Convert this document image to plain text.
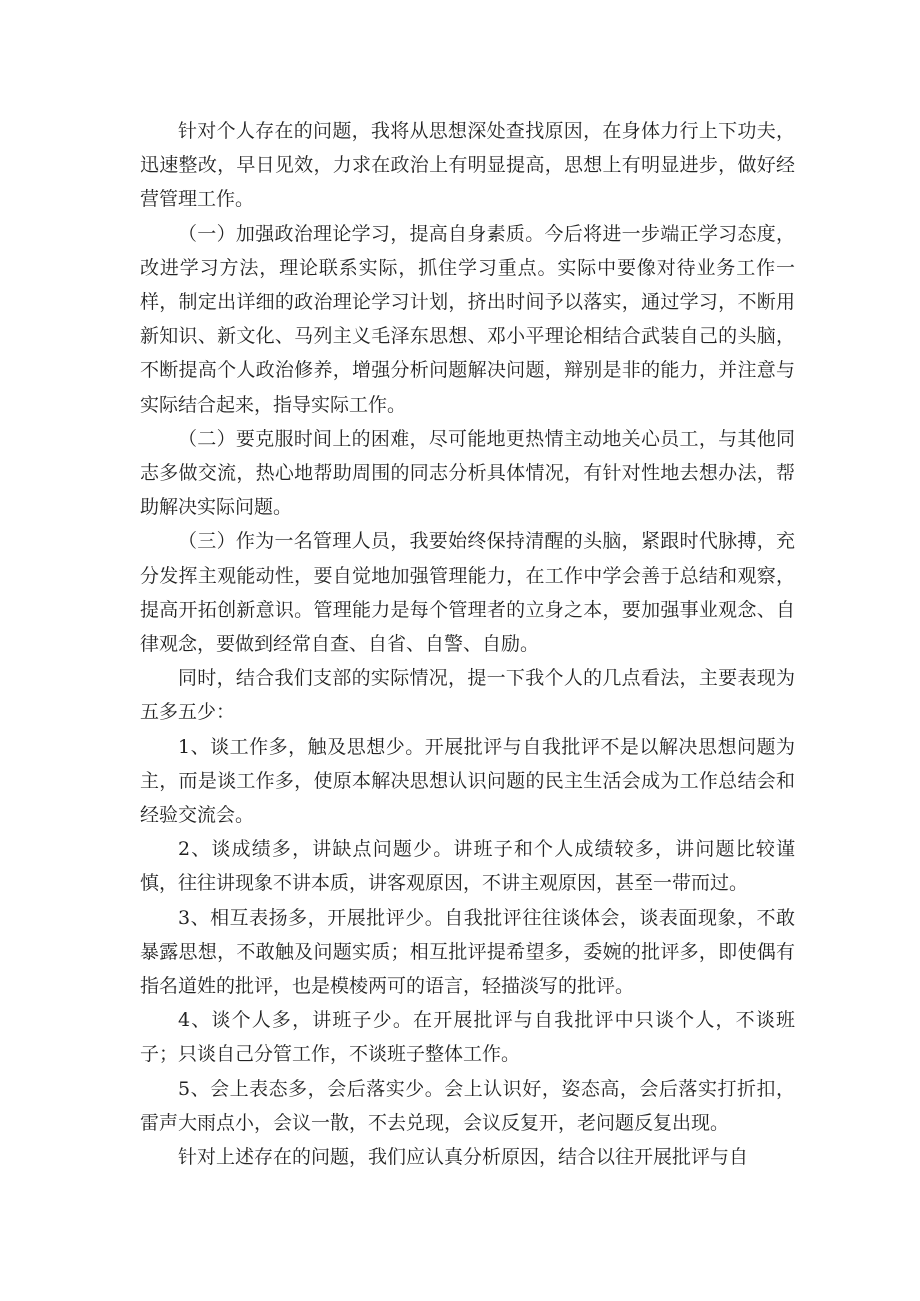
针对个人存在的问题，我将从思想深处查找原因，在身体力行上下功夫，迅速整改，早日见效，力求在政治上有明显提高，思想上有明显进步，做好经营管理工作。

（一）加强政治理论学习，提高自身素质。今后将进一步端正学习态度，改进学习方法，理论联系实际，抓住学习重点。实际中要像对待业务工作一样，制定出详细的政治理论学习计划，挤出时间予以落实，通过学习，不断用新知识、新文化、马列主义毛泽东思想、邓小平理论相结合武装自己的头脑，不断提高个人政治修养，增强分析问题解决问题，辩别是非的能力，并注意与实际结合起来，指导实际工作。

（二）要克服时间上的困难，尽可能地更热情主动地关心员工，与其他同志多做交流，热心地帮助周围的同志分析具体情况，有针对性地去想办法，帮助解决实际问题。

（三）作为一名管理人员，我要始终保持清醒的头脑，紧跟时代脉搏，充分发挥主观能动性，要自觉地加强管理能力，在工作中学会善于总结和观察，提高开拓创新意识。管理能力是每个管理者的立身之本，要加强事业观念、自律观念，要做到经常自查、自省、自警、自励。

同时，结合我们支部的实际情况，提一下我个人的几点看法，主要表现为五多五少：

1、谈工作多，触及思想少。开展批评与自我批评不是以解决思想问题为主，而是谈工作多，使原本解决思想认识问题的民主生活会成为工作总结会和经验交流会。

2、谈成绩多，讲缺点问题少。讲班子和个人成绩较多，讲问题比较谨慎，往往讲现象不讲本质，讲客观原因，不讲主观原因，甚至一带而过。

3、相互表扬多，开展批评少。自我批评往往谈体会，谈表面现象，不敢暴露思想，不敢触及问题实质；相互批评提希望多，委婉的批评多，即使偶有指名道姓的批评，也是模棱两可的语言，轻描淡写的批评。

4、谈个人多，讲班子少。在开展批评与自我批评中只谈个人，不谈班子；只谈自己分管工作，不谈班子整体工作。

5、会上表态多，会后落实少。会上认识好，姿态高，会后落实打折扣，雷声大雨点小，会议一散，不去兑现，会议反复开，老问题反复出现。

针对上述存在的问题，我们应认真分析原因，结合以往开展批评与自
